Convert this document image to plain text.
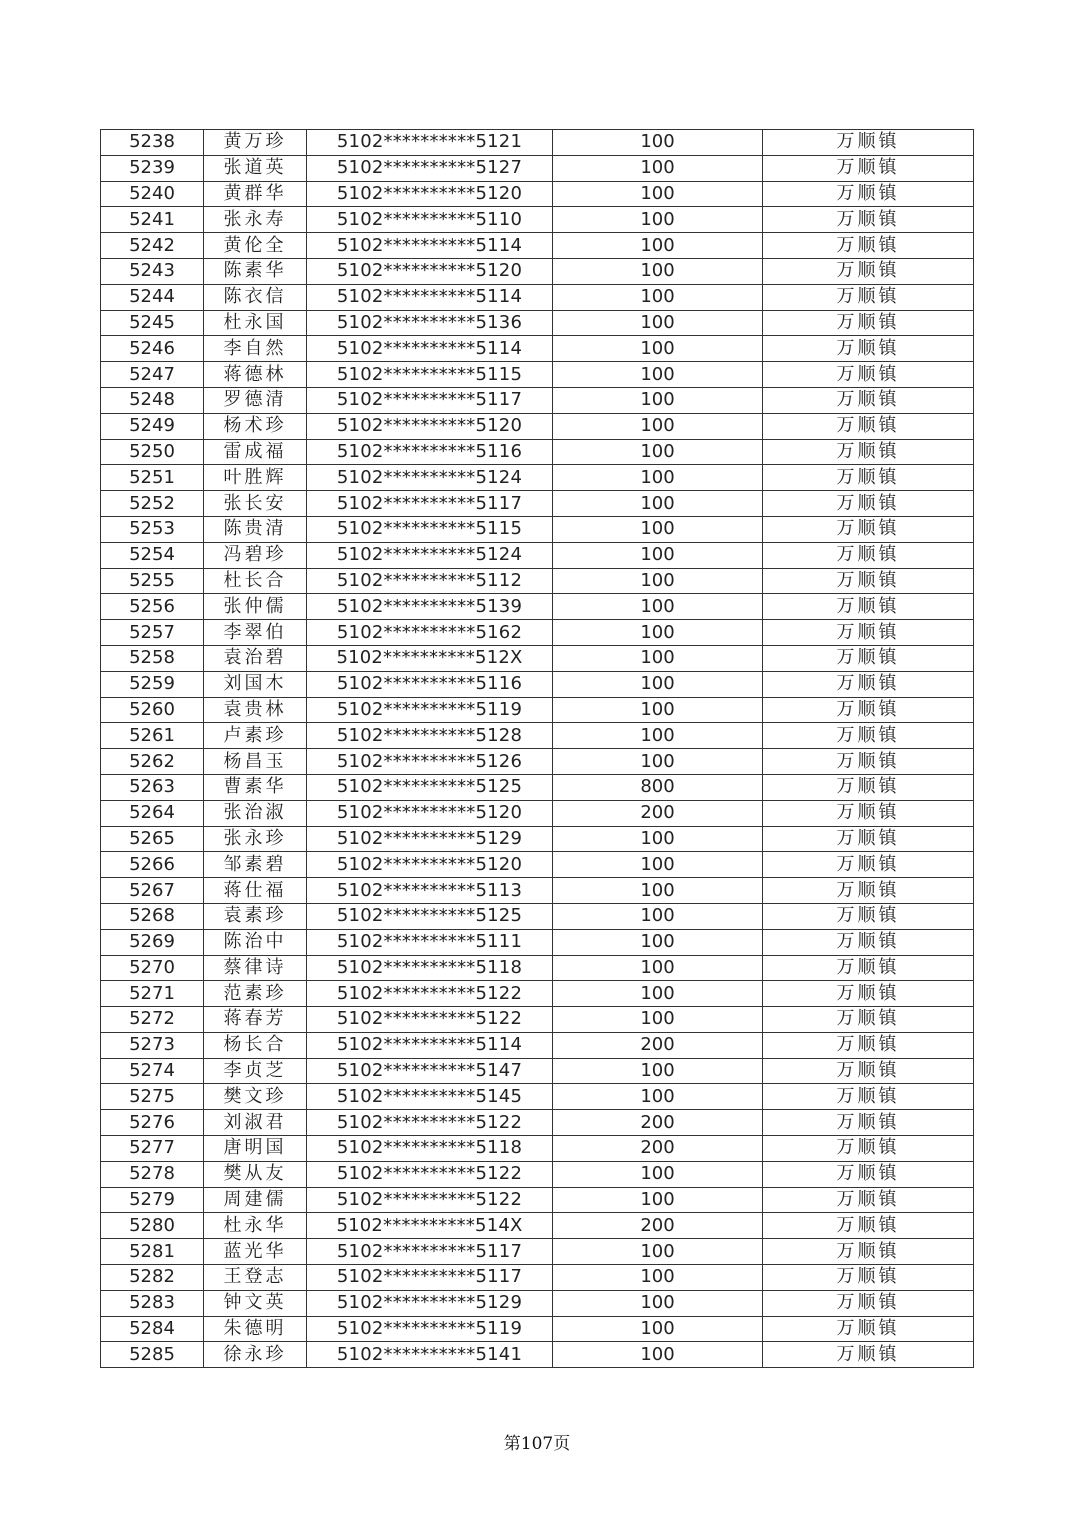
5238	黄万珍	5102**********5121	100	万顺镇
5239	张道英	5102**********5127	100	万顺镇
5240	黄群华	5102**********5120	100	万顺镇
5241	张永寿	5102**********5110	100	万顺镇
5242	黄伦全	5102**********5114	100	万顺镇
5243	陈素华	5102**********5120	100	万顺镇
5244	陈衣信	5102**********5114	100	万顺镇
5245	杜永国	5102**********5136	100	万顺镇
5246	李自然	5102**********5114	100	万顺镇
5247	蒋德林	5102**********5115	100	万顺镇
5248	罗德清	5102**********5117	100	万顺镇
5249	杨术珍	5102**********5120	100	万顺镇
5250	雷成福	5102**********5116	100	万顺镇
5251	叶胜辉	5102**********5124	100	万顺镇
5252	张长安	5102**********5117	100	万顺镇
5253	陈贵清	5102**********5115	100	万顺镇
5254	冯碧珍	5102**********5124	100	万顺镇
5255	杜长合	5102**********5112	100	万顺镇
5256	张仲儒	5102**********5139	100	万顺镇
5257	李翠伯	5102**********5162	100	万顺镇
5258	袁治碧	5102**********512X	100	万顺镇
5259	刘国木	5102**********5116	100	万顺镇
5260	袁贵林	5102**********5119	100	万顺镇
5261	卢素珍	5102**********5128	100	万顺镇
5262	杨昌玉	5102**********5126	100	万顺镇
5263	曹素华	5102**********5125	800	万顺镇
5264	张治淑	5102**********5120	200	万顺镇
5265	张永珍	5102**********5129	100	万顺镇
5266	邹素碧	5102**********5120	100	万顺镇
5267	蒋仕福	5102**********5113	100	万顺镇
5268	袁素珍	5102**********5125	100	万顺镇
5269	陈治中	5102**********5111	100	万顺镇
5270	蔡律诗	5102**********5118	100	万顺镇
5271	范素珍	5102**********5122	100	万顺镇
5272	蒋春芳	5102**********5122	100	万顺镇
5273	杨长合	5102**********5114	200	万顺镇
5274	李贞芝	5102**********5147	100	万顺镇
5275	樊文珍	5102**********5145	100	万顺镇
5276	刘淑君	5102**********5122	200	万顺镇
5277	唐明国	5102**********5118	200	万顺镇
5278	樊从友	5102**********5122	100	万顺镇
5279	周建儒	5102**********5122	100	万顺镇
5280	杜永华	5102**********514X	200	万顺镇
5281	蓝光华	5102**********5117	100	万顺镇
5282	王登志	5102**********5117	100	万顺镇
5283	钟文英	5102**********5129	100	万顺镇
5284	朱德明	5102**********5119	100	万顺镇
5285	徐永珍	5102**********5141	100	万顺镇
第107页
